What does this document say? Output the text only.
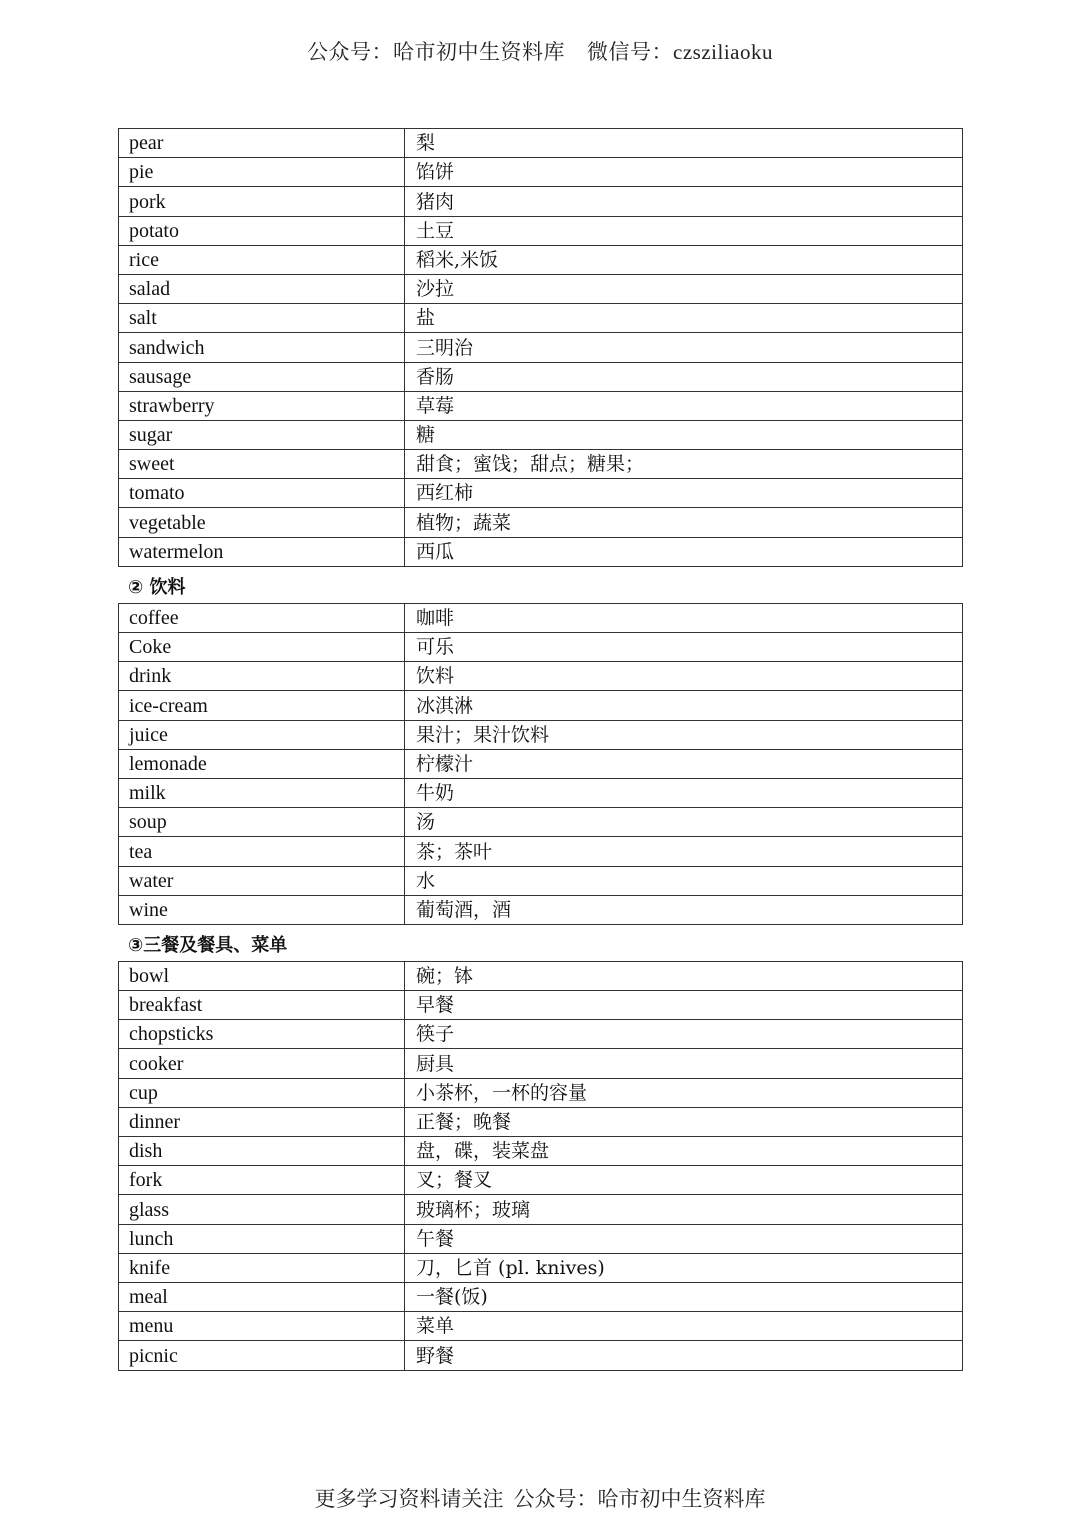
公众号：哈市初中生资料库 微信号：czsziliaoku
pear	梨
pie	馅饼
pork	猪肉
potato	土豆
rice	稻米,米饭
salad	沙拉
salt	盐
sandwich	三明治
sausage	香肠
strawberry	草莓
sugar	糖
sweet	甜食；蜜饯；甜点；糖果；
tomato	西红柿
vegetable	植物；蔬菜
watermelon	西瓜
② 饮料
coffee	咖啡
Coke	可乐
drink	饮料
ice-cream	冰淇淋
juice	果汁；果汁饮料
lemonade	柠檬汁
milk	牛奶
soup	汤
tea	茶；茶叶
water	水
wine	葡萄酒，酒
③三餐及餐具、菜单
bowl	碗；钵
breakfast	早餐
chopsticks	筷子
cooker	厨具
cup	小茶杯，一杯的容量
dinner	正餐；晚餐
dish	盘，碟，装菜盘
fork	叉；餐叉
glass	玻璃杯；玻璃
lunch	午餐
knife	刀，匕首 (pl. knives)
meal	一餐(饭)
menu	菜单
picnic	野餐
更多学习资料请关注 公众号：哈市初中生资料库
